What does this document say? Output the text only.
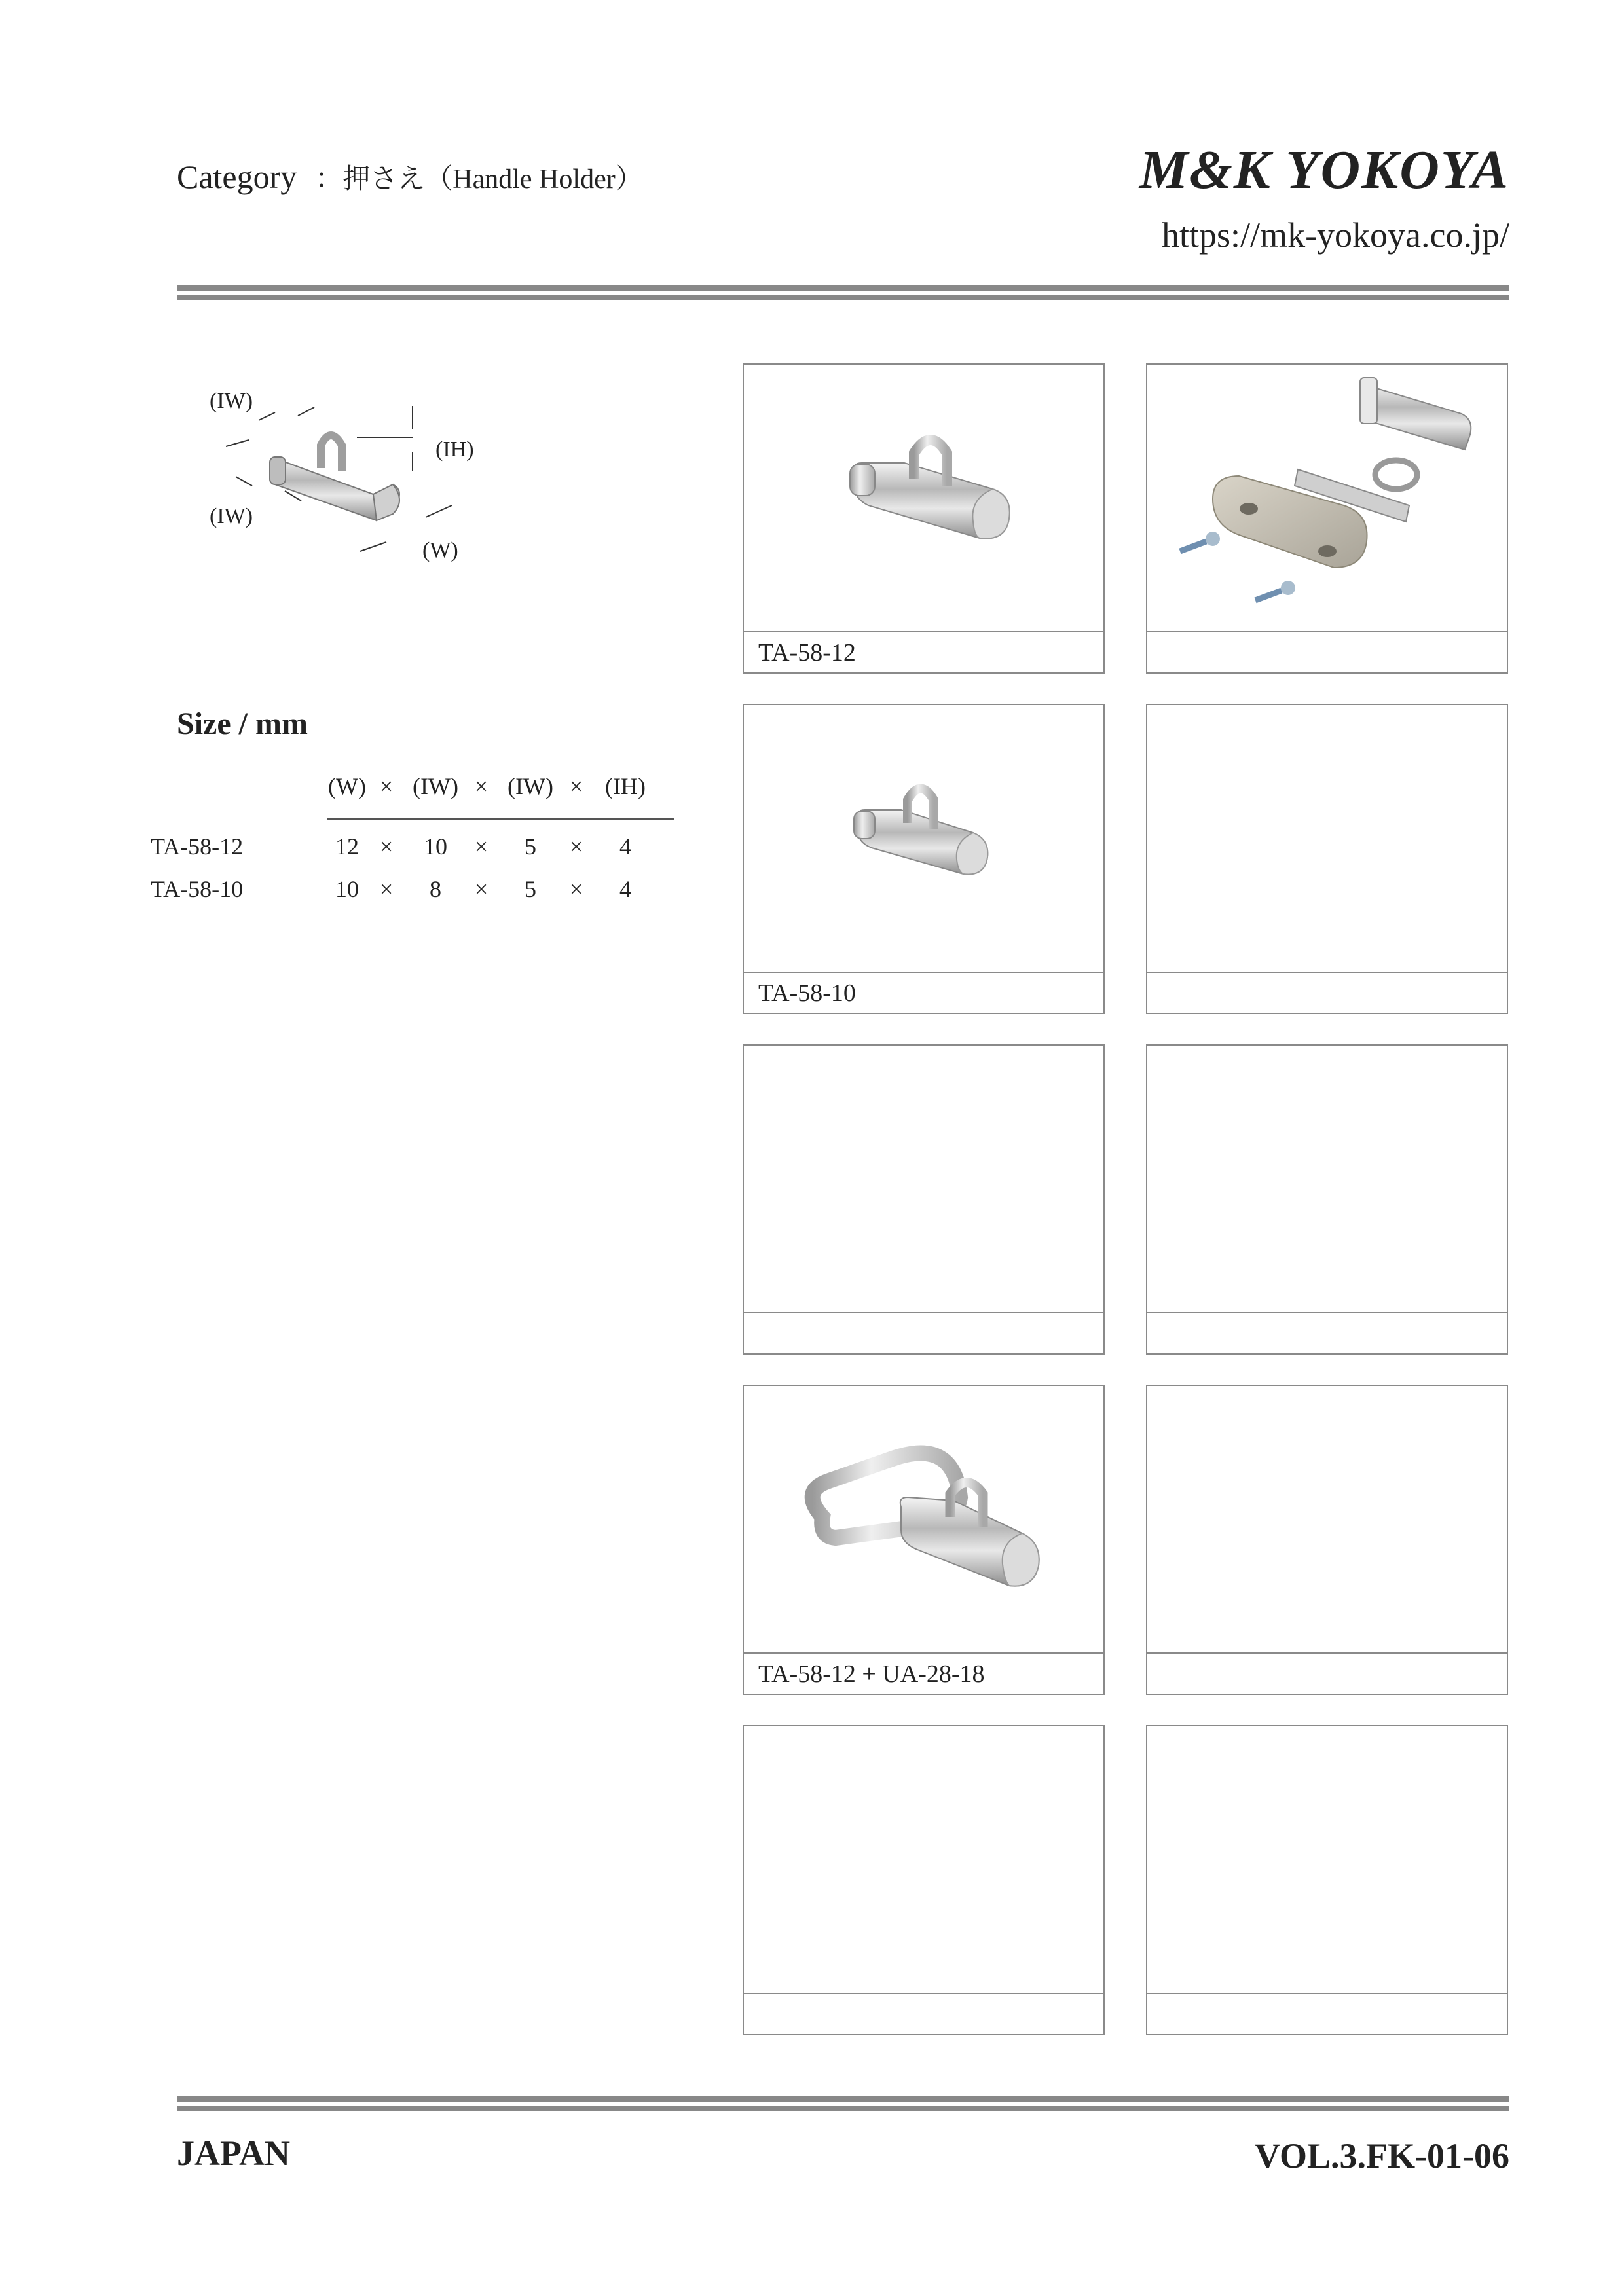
Category ：押さえ（Handle Holder）	M&K YOKOYA
https://mk-yokoya.co.jp/
(IW)
(IW)
(IH)
(W)
Size / mm
(W) × (IW) × (IW) × (IH)
TA-58-12	12 ×	10	×	5	×	4
TA-58-10	10 ×	8	×	5	×	4
TA-58-12
TA-58-10
TA-58-12 + UA-28-18
JAPAN	VOL.3.FK-01-06
